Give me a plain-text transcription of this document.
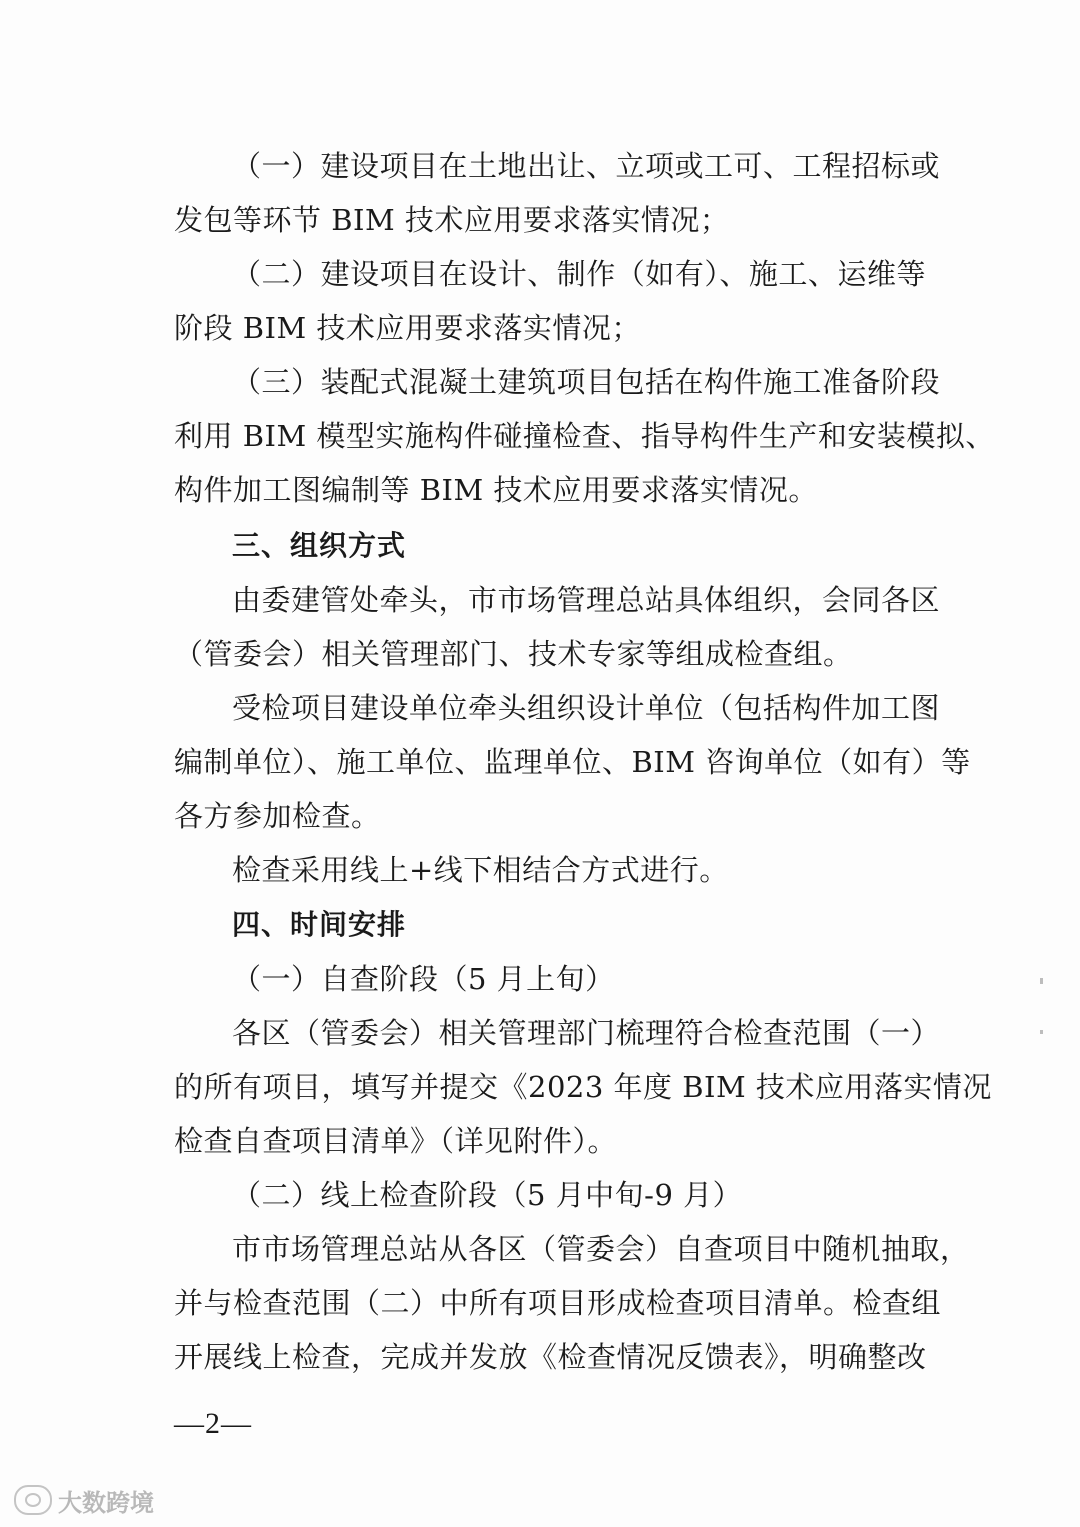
（一）建设项目在土地出让、立项或工可、工程招标或
发包等环节 BIM 技术应用要求落实情况；
（二）建设项目在设计、制作（如有）、施工、运维等
阶段 BIM 技术应用要求落实情况；
（三）装配式混凝土建筑项目包括在构件施工准备阶段
利用 BIM 模型实施构件碰撞检查、指导构件生产和安装模拟、
构件加工图编制等 BIM 技术应用要求落实情况。
三、组织方式
由委建管处牵头，市市场管理总站具体组织，会同各区
（管委会）相关管理部门、技术专家等组成检查组。
受检项目建设单位牵头组织设计单位（包括构件加工图
编制单位）、施工单位、监理单位、BIM 咨询单位（如有）等
各方参加检查。
检查采用线上+线下相结合方式进行。
四、时间安排
（一）自查阶段（5 月上旬）
各区（管委会）相关管理部门梳理符合检查范围（一）
的所有项目，填写并提交《2023 年度 BIM 技术应用落实情况
检查自查项目清单》（详见附件）。
（二）线上检查阶段（5 月中旬-9 月）
市市场管理总站从各区（管委会）自查项目中随机抽取，
并与检查范围（二）中所有项目形成检查项目清单。检查组
开展线上检查，完成并发放《检查情况反馈表》，明确整改
—2—
大数跨境
